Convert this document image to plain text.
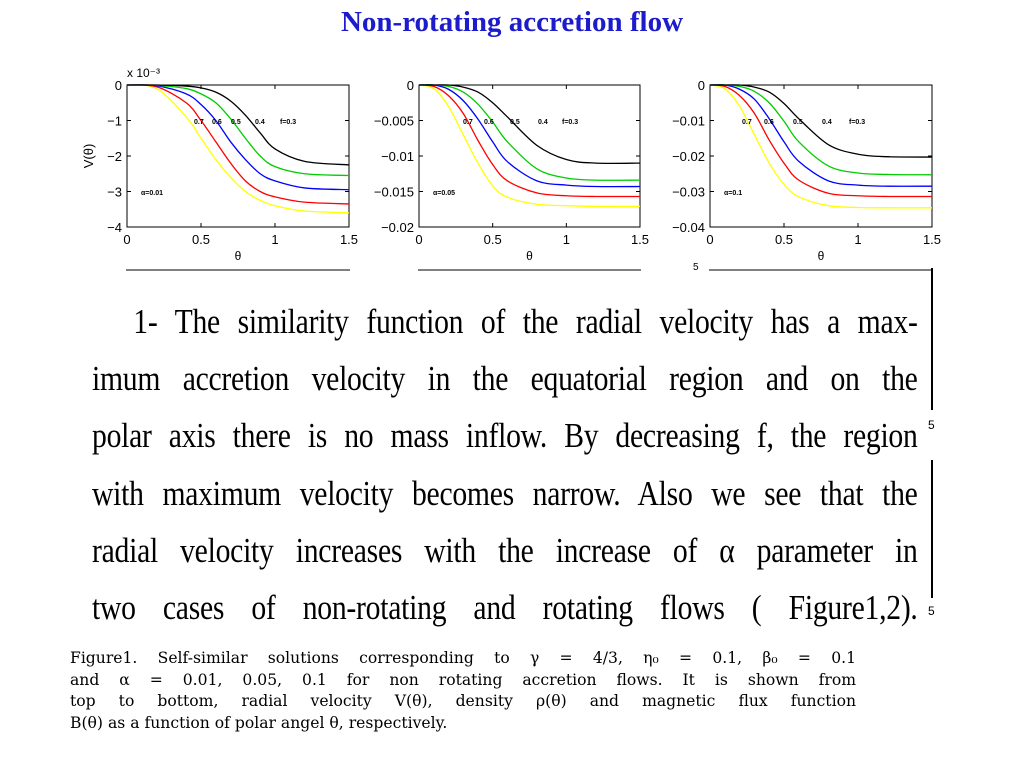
Non-rotating accretion flow
0	0.5	1	1.5
0
−1
−2
−3
−4
θ
0.7 0.6 0.5 0.4 f=0.3
α=0.01
0	0.5	1	1.5
0
−0.005
−0.01
−0.015
−0.02
θ
0.7 0.6 0.5	0.4 f=0.3
α=0.05
0	0.5	1	1.5
0
−0.01
−0.02
−0.03
−0.04
θ
0.7 0.6	0.5	0.4 f=0.3
α=0.1
x 10⁻³
V(θ)
5
5
5
1- The similarity function of the radial velocity has a max-
imum accretion velocity in the equatorial region and on the
polar axis there is no mass inflow. By decreasing f, the region
with maximum velocity becomes narrow. Also we see that the
radial velocity increases with the increase of α parameter in
two cases of non-rotating and rotating flows ( Figure1,2).
Figure1. Self-similar solutions corresponding to γ = 4/3, η₀ = 0.1, β₀ = 0.1
and α = 0.01, 0.05, 0.1 for non rotating accretion flows. It is shown from
top to bottom, radial velocity V(θ), density ρ(θ) and magnetic flux function
B(θ) as a function of polar angel θ, respectively.
